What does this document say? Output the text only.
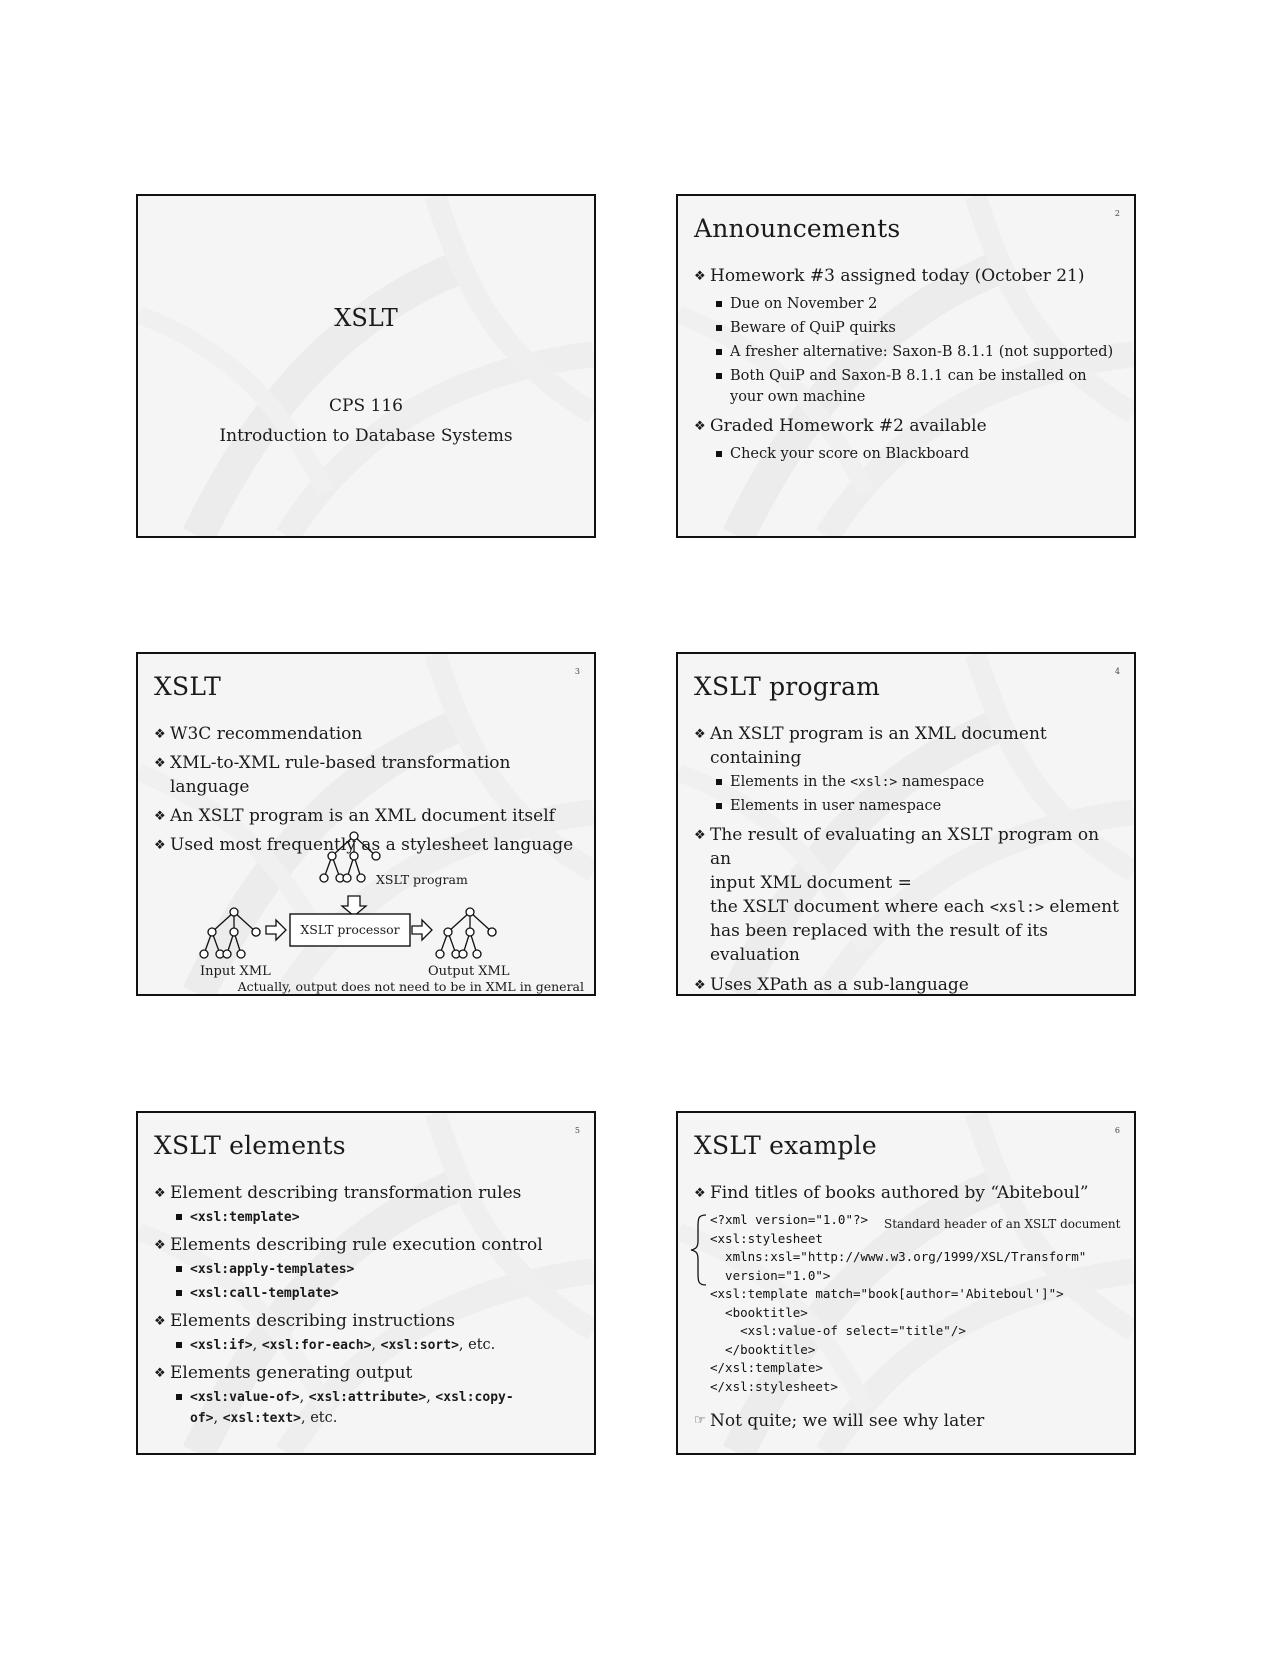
XSLT
CPS 116
Introduction to Database Systems
2
Announcements
❖ Homework #3 assigned today (October 21)
Due on November 2
Beware of QuiP quirks
A fresher alternative: Saxon-B 8.1.1 (not supported)
Both QuiP and Saxon-B 8.1.1 can be installed on your own machine
❖ Graded Homework #2 available
Check your score on Blackboard
3
XSLT
❖ W3C recommendation
❖ XML-to-XML rule-based transformation language
❖ An XSLT program is an XML document itself
❖ Used most frequently as a stylesheet language
XSLT processor
XSLT program
Input XML	Output XML
Actually, output does not need to be in XML in general
4
XSLT program
❖ An XSLT program is an XML document containing
Elements in the <xsl:> namespace
Elements in user namespace
❖ The result of evaluating an XSLT program on an
input XML document =
the XSLT document where each <xsl:> element
has been replaced with the result of its evaluation
❖ Uses XPath as a sub-language
5
XSLT elements
❖ Element describing transformation rules
<xsl:template>
❖ Elements describing rule execution control
<xsl:apply-templates>
<xsl:call-template>
❖ Elements describing instructions
<xsl:if>, <xsl:for-each>, <xsl:sort>, etc.
❖ Elements generating output
<xsl:value-of>, <xsl:attribute>, <xsl:copy-
of>, <xsl:text>, etc.
6
XSLT example
❖ Find titles of books authored by “Abiteboul”
<?xml version="1.0"?>
<xsl:stylesheet
xmlns:xsl="http://www.w3.org/1999/XSL/Transform"
version="1.0">
<xsl:template match="book[author='Abiteboul']">
<booktitle>
<xsl:value-of select="title"/>
</booktitle>
</xsl:template>
</xsl:stylesheet>
Standard header of an XSLT document
☞ Not quite; we will see why later
